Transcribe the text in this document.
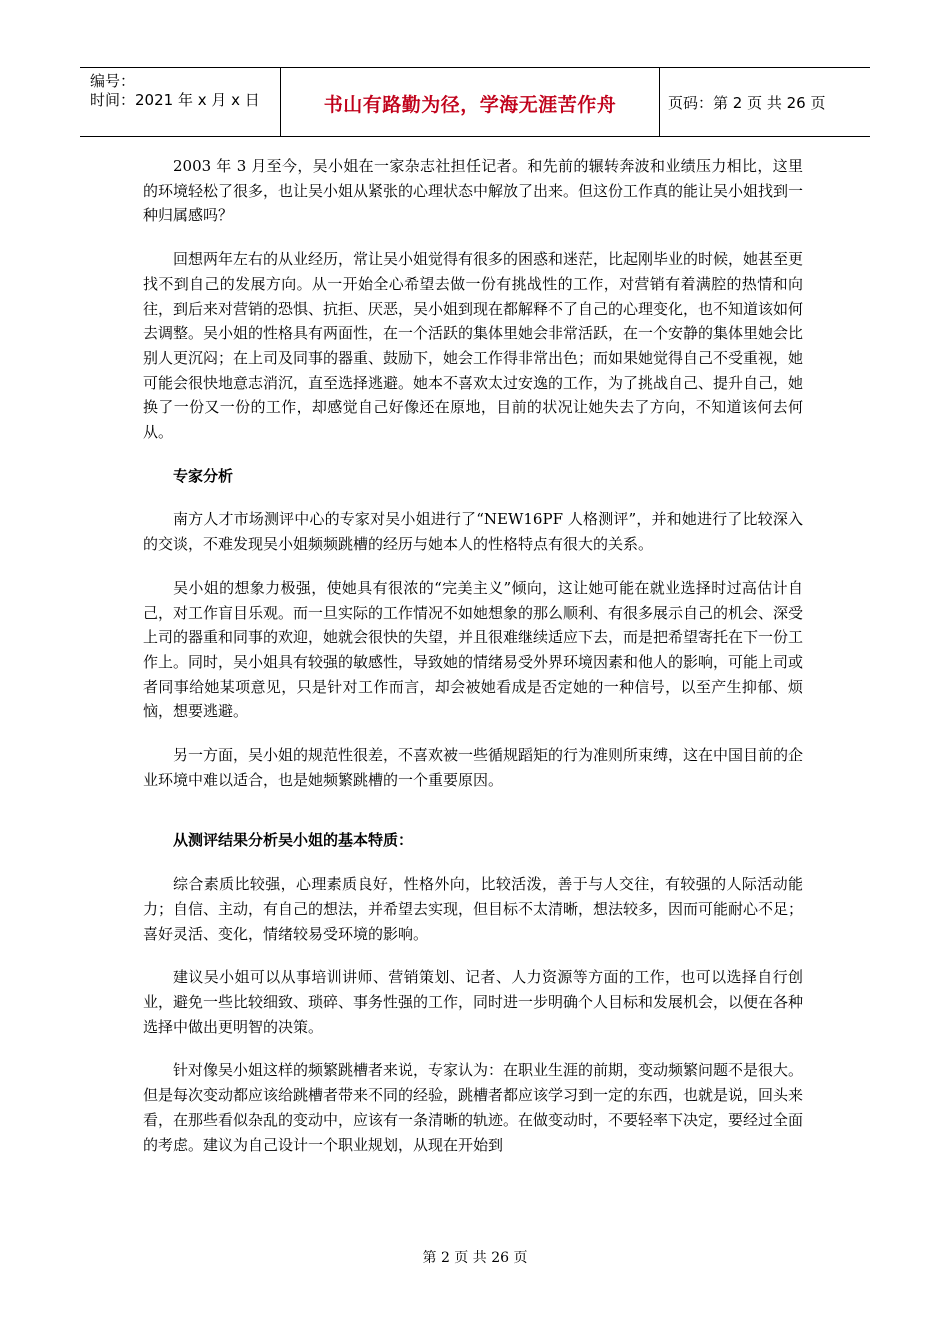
编号：
时间：2021 年 x 月 x 日	书山有路勤为径，学海无涯苦作舟	页码：第 2 页 共 26 页

2003 年 3 月至今，吴小姐在一家杂志社担任记者。和先前的辗转奔波和业绩压力相比，这里的环境轻松了很多，也让吴小姐从紧张的心理状态中解放了出来。但这份工作真的能让吴小姐找到一种归属感吗？

回想两年左右的从业经历，常让吴小姐觉得有很多的困惑和迷茫，比起刚毕业的时候，她甚至更找不到自己的发展方向。从一开始全心希望去做一份有挑战性的工作，对营销有着满腔的热情和向往，到后来对营销的恐惧、抗拒、厌恶，吴小姐到现在都解释不了自己的心理变化，也不知道该如何去调整。吴小姐的性格具有两面性，在一个活跃的集体里她会非常活跃，在一个安静的集体里她会比别人更沉闷；在上司及同事的器重、鼓励下，她会工作得非常出色；而如果她觉得自己不受重视，她可能会很快地意志消沉，直至选择逃避。她本不喜欢太过安逸的工作，为了挑战自己、提升自己，她换了一份又一份的工作，却感觉自己好像还在原地，目前的状况让她失去了方向，不知道该何去何从。

专家分析

南方人才市场测评中心的专家对吴小姐进行了“NEW16PF 人格测评”，并和她进行了比较深入的交谈，不难发现吴小姐频频跳槽的经历与她本人的性格特点有很大的关系。

吴小姐的想象力极强，使她具有很浓的“完美主义”倾向，这让她可能在就业选择时过高估计自己，对工作盲目乐观。而一旦实际的工作情况不如她想象的那么顺利、有很多展示自己的机会、深受上司的器重和同事的欢迎，她就会很快的失望，并且很难继续适应下去，而是把希望寄托在下一份工作上。同时，吴小姐具有较强的敏感性，导致她的情绪易受外界环境因素和他人的影响，可能上司或者同事给她某项意见，只是针对工作而言，却会被她看成是否定她的一种信号，以至产生抑郁、烦恼，想要逃避。

另一方面，吴小姐的规范性很差，不喜欢被一些循规蹈矩的行为准则所束缚，这在中国目前的企业环境中难以适合，也是她频繁跳槽的一个重要原因。

从测评结果分析吴小姐的基本特质：

综合素质比较强，心理素质良好，性格外向，比较活泼，善于与人交往，有较强的人际活动能力；自信、主动，有自己的想法，并希望去实现，但目标不太清晰，想法较多，因而可能耐心不足；喜好灵活、变化，情绪较易受环境的影响。

建议吴小姐可以从事培训讲师、营销策划、记者、人力资源等方面的工作，也可以选择自行创业，避免一些比较细致、琐碎、事务性强的工作，同时进一步明确个人目标和发展机会，以便在各种选择中做出更明智的决策。

针对像吴小姐这样的频繁跳槽者来说，专家认为：在职业生涯的前期，变动频繁问题不是很大。但是每次变动都应该给跳槽者带来不同的经验，跳槽者都应该学习到一定的东西，也就是说，回头来看，在那些看似杂乱的变动中，应该有一条清晰的轨迹。在做变动时，不要轻率下决定，要经过全面的考虑。建议为自己设计一个职业规划，从现在开始到

第 2 页 共 26 页
